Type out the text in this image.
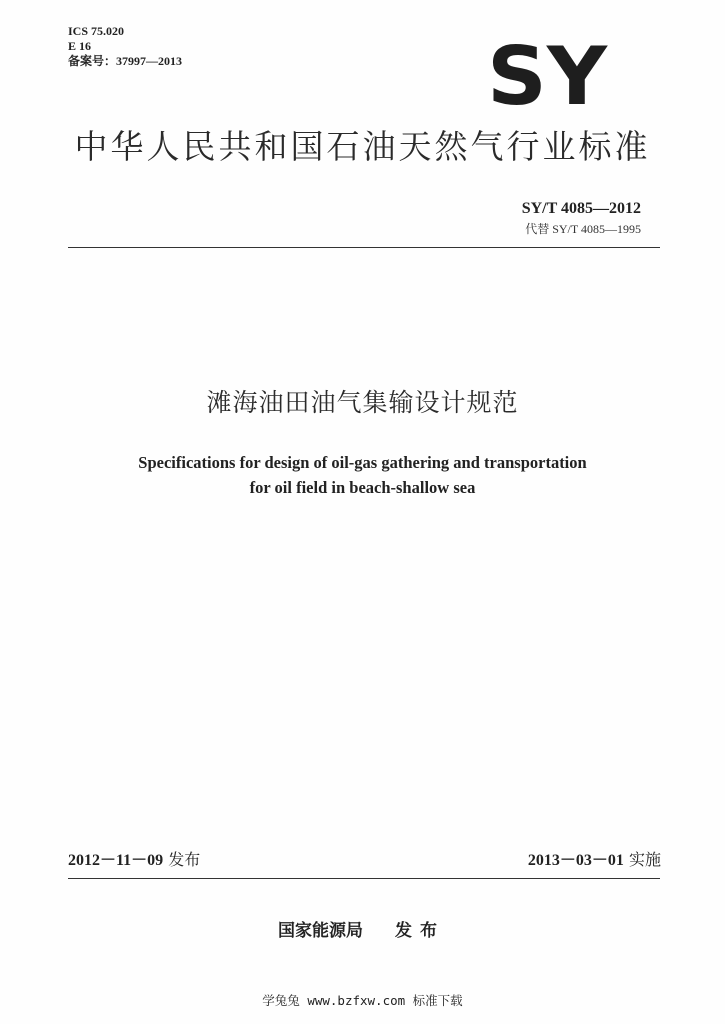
ICS 75.020
E 16
备案号：37997—2013	SY
中华人民共和国石油天然气行业标准
SY/T 4085—2012
代替 SY/T 4085—1995
滩海油田油气集输设计规范
Specifications for design of oil-gas gathering and transportation
for oil field in beach-shallow sea
2012－11－09 发布	2013－03－01 实施
国家能源局 发布
学兔兔 www.bzfxw.com 标准下载
